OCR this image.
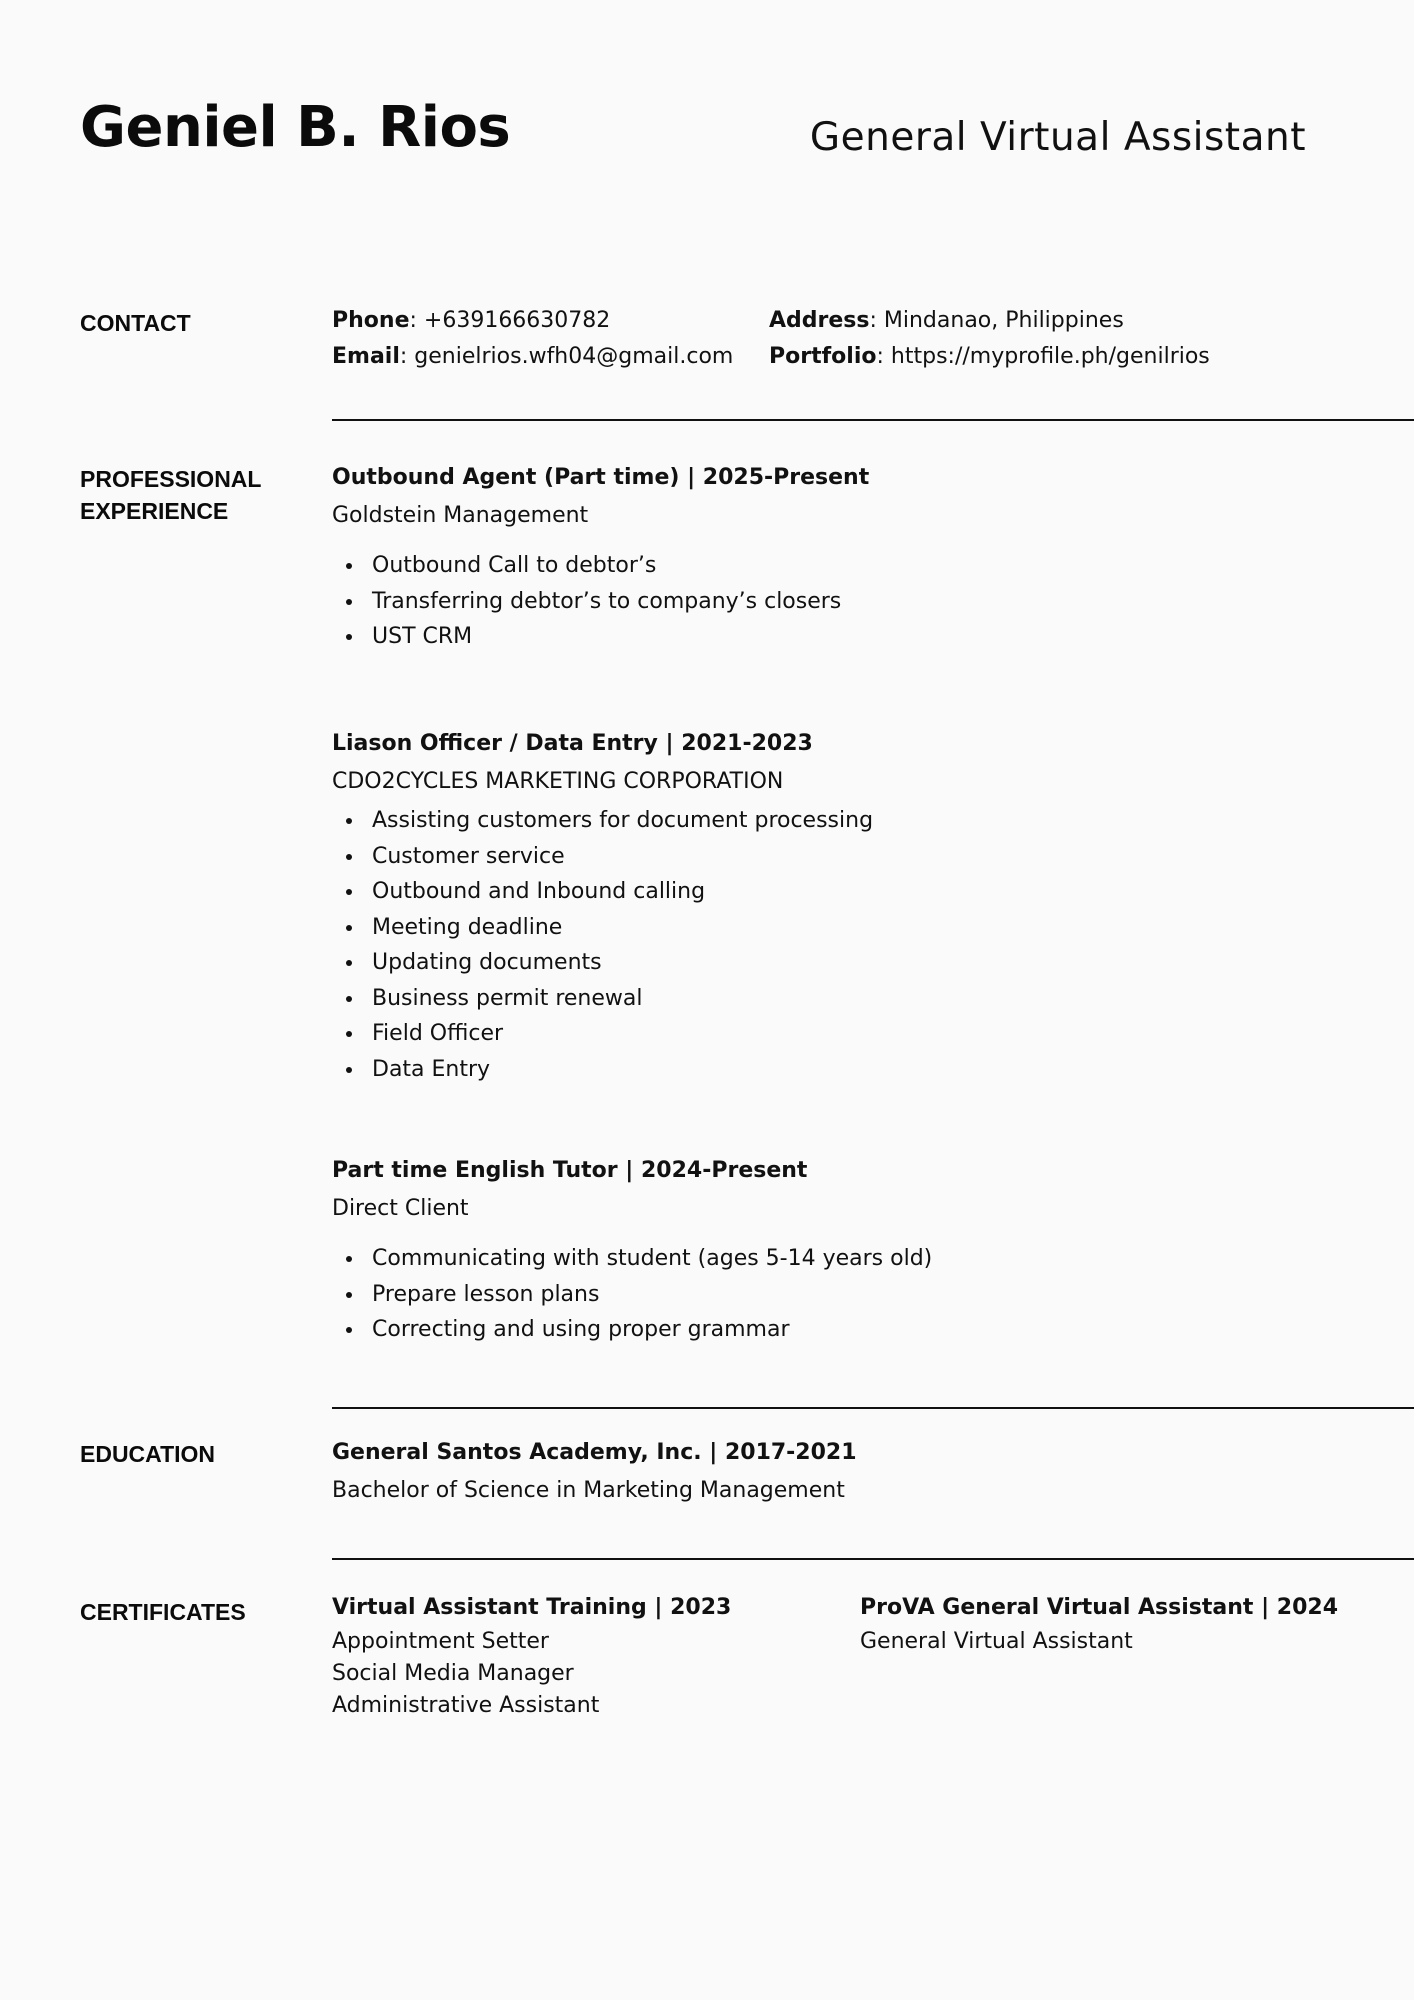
Geniel B. Rios	General Virtual Assistant
CONTACT	Phone: +639166630782	Address: Mindanao, Philippines
Email: genielrios.wfh04@gmail.com	Portfolio: https://myprofile.ph/genilrios
PROFESSIONAL
EXPERIENCE

Outbound Agent (Part time) | 2025-Present

Goldstein Management

Outbound Call to debtor’s
Transferring debtor’s to company’s closers
UST CRM

Liason Officer / Data Entry | 2021-2023

CDO2CYCLES MARKETING CORPORATION

Assisting customers for document processing
Customer service
Outbound and Inbound calling
Meeting deadline
Updating documents
Business permit renewal
Field Officer
Data Entry

Part time English Tutor | 2024-Present

Direct Client

Communicating with student (ages 5-14 years old)
Prepare lesson plans
Correcting and using proper grammar
EDUCATION	General Santos Academy, Inc. | 2017-2021

Bachelor of Science in Marketing Management

CERTIFICATES	Virtual Assistant Training | 2023

Appointment Setter

Social Media Manager

Administrative Assistant

ProVA General Virtual Assistant | 2024

General Virtual Assistant
